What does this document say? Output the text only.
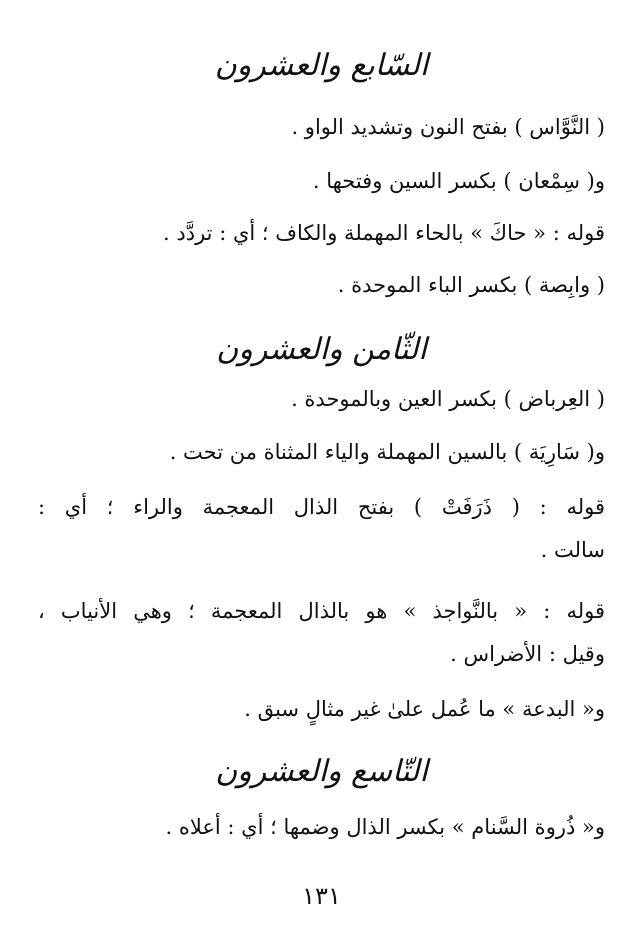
السّابع والعشرون
( النَّوَّاس ) بفتح النون وتشديد الواو .
و( سِمْعان ) بكسر السين وفتحها .
قوله : « حاكَ » بالحاء المهملة والكاف ؛ أي : تردَّد .
( وابِصة ) بكسر الباء الموحدة .
الثّامن والعشرون
( العِرباض ) بكسر العين وبالموحدة .
و( سَارِيَة ) بالسين المهملة والياء المثناة من تحت .
قوله : ( ذَرَفَتْ ) بفتح الذال المعجمة والراء ؛ أي :
سالت .
قوله : « بالنَّواجذ » هو بالذال المعجمة ؛ وهي الأنياب ،
وقيل : الأضراس .
و« البدعة » ما عُمل علىٰ غير مثالٍ سبق .
التّاسع والعشرون
و« ذُروة السَّنام » بكسر الذال وضمها ؛ أي : أعلاه .
١٣١
